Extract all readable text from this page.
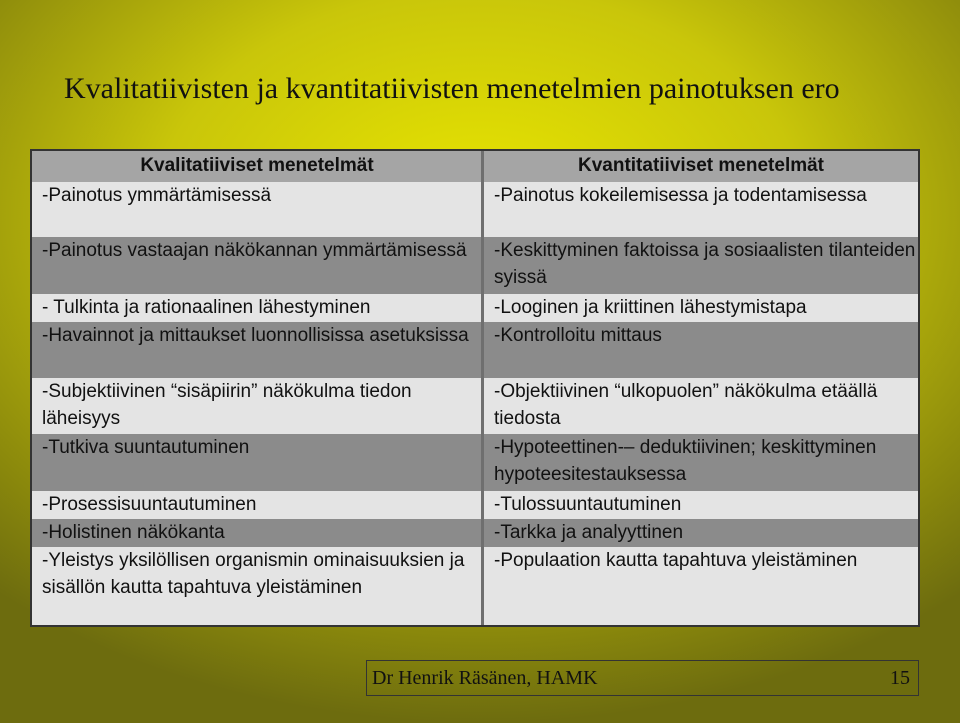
Kvalitatiivisten ja kvantitatiivisten menetelmien painotuksen ero
Kvalitatiiviset menetelmät
-Painotus ymmärtämisessä
-Painotus vastaajan näkökannan ymmärtämisessä
- Tulkinta ja rationaalinen lähestyminen
-Havainnot ja mittaukset luonnollisissa asetuksissa
-Subjektiivinen “sisäpiirin” näkökulma tiedon läheisyys
-Tutkiva suuntautuminen
-Prosessisuuntautuminen
-Holistinen näkökanta
-Yleistys yksilöllisen organismin ominaisuuksien ja sisällön kautta tapahtuva yleistäminen
Kvantitatiiviset menetelmät
-Painotus kokeilemisessa ja todentamisessa
-Keskittyminen faktoissa ja sosiaalisten tilanteiden syissä
-Looginen ja kriittinen lähestymistapa
-Kontrolloitu mittaus
-Objektiivinen “ulkopuolen” näkökulma etäällä tiedosta
-Hypoteettinen-– deduktiivinen; keskittyminen hypoteesitestauksessa
-Tulossuuntautuminen
-Tarkka ja analyyttinen
-Populaation kautta tapahtuva yleistäminen
Dr Henrik Räsänen, HAMK	15
